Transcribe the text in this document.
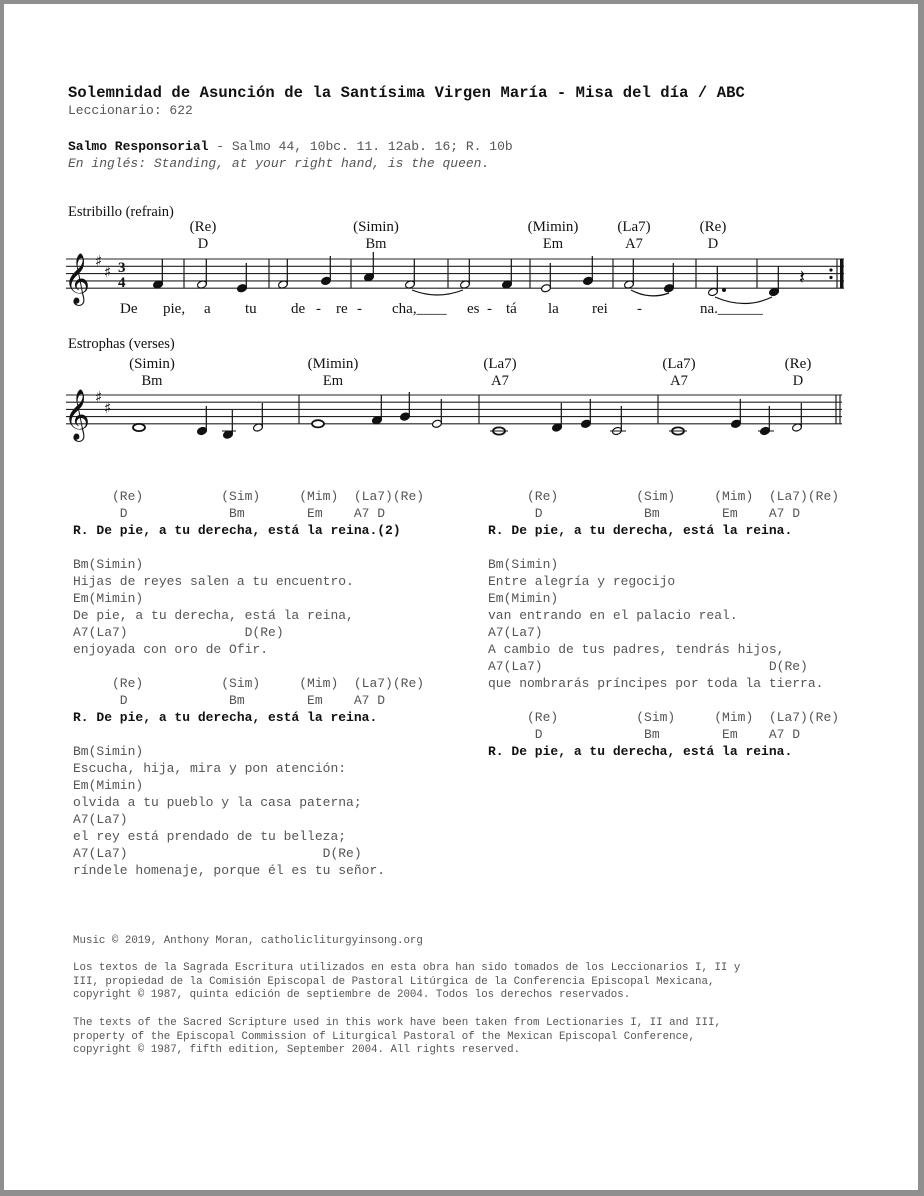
Solemnidad de Asunción de la Santísima Virgen María - Misa del día / ABC
Leccionario: 622
Salmo Responsorial - Salmo 44, 10bc. 11. 12ab. 16; R. 10b
En inglés: Standing, at your right hand, is the queen.
Estribillo (refrain)
(Re)
D
(Simin)
Bm
(Mimin)
Em
(La7)
A7
(Re)
D
De	pie,	a	tu	de -	re -	cha,____	es - tá	la	rei	-	na.______
Estrophas (verses)
(Simin)
Bm
(Mimin)
Em
(La7)
A7
(La7)
A7
(Re)
D
𝄞 ♯
♯ 3
4	𝄽
𝄞 ♯
♯
(Re)          (Sim)     (Mim)  (La7)(Re)
D             Bm        Em    A7 D
R. De pie, a tu derecha, está la reina.(2)
Bm(Simin)
Hijas de reyes salen a tu encuentro.
Em(Mimin)
De pie, a tu derecha, está la reina,
A7(La7)               D(Re)
enjoyada con oro de Ofir.
(Re)          (Sim)     (Mim)  (La7)(Re)
D             Bm        Em    A7 D
R. De pie, a tu derecha, está la reina.
Bm(Simin)
Escucha, hija, mira y pon atención:
Em(Mimin)
olvida a tu pueblo y la casa paterna;
A7(La7)
el rey está prendado de tu belleza;
A7(La7)                         D(Re)
ríndele homenaje, porque él es tu señor.
(Re)          (Sim)     (Mim)  (La7)(Re)
D             Bm        Em    A7 D
R. De pie, a tu derecha, está la reina.
Bm(Simin)
Entre alegría y regocijo
Em(Mimin)
van entrando en el palacio real.
A7(La7)
A cambio de tus padres, tendrás hijos,
A7(La7)                             D(Re)
que nombrarás príncipes por toda la tierra.
(Re)          (Sim)     (Mim)  (La7)(Re)
D             Bm        Em    A7 D
R. De pie, a tu derecha, está la reina.
Music © 2019, Anthony Moran, catholicliturgyinsong.org
Los textos de la Sagrada Escritura utilizados en esta obra han sido tomados de los Leccionarios I, II y
III, propiedad de la Comisión Episcopal de Pastoral Litúrgica de la Conferencia Episcopal Mexicana,
copyright © 1987, quinta edición de septiembre de 2004. Todos los derechos reservados.
The texts of the Sacred Scripture used in this work have been taken from Lectionaries I, II and III,
property of the Episcopal Commission of Liturgical Pastoral of the Mexican Episcopal Conference,
copyright © 1987, fifth edition, September 2004. All rights reserved.
